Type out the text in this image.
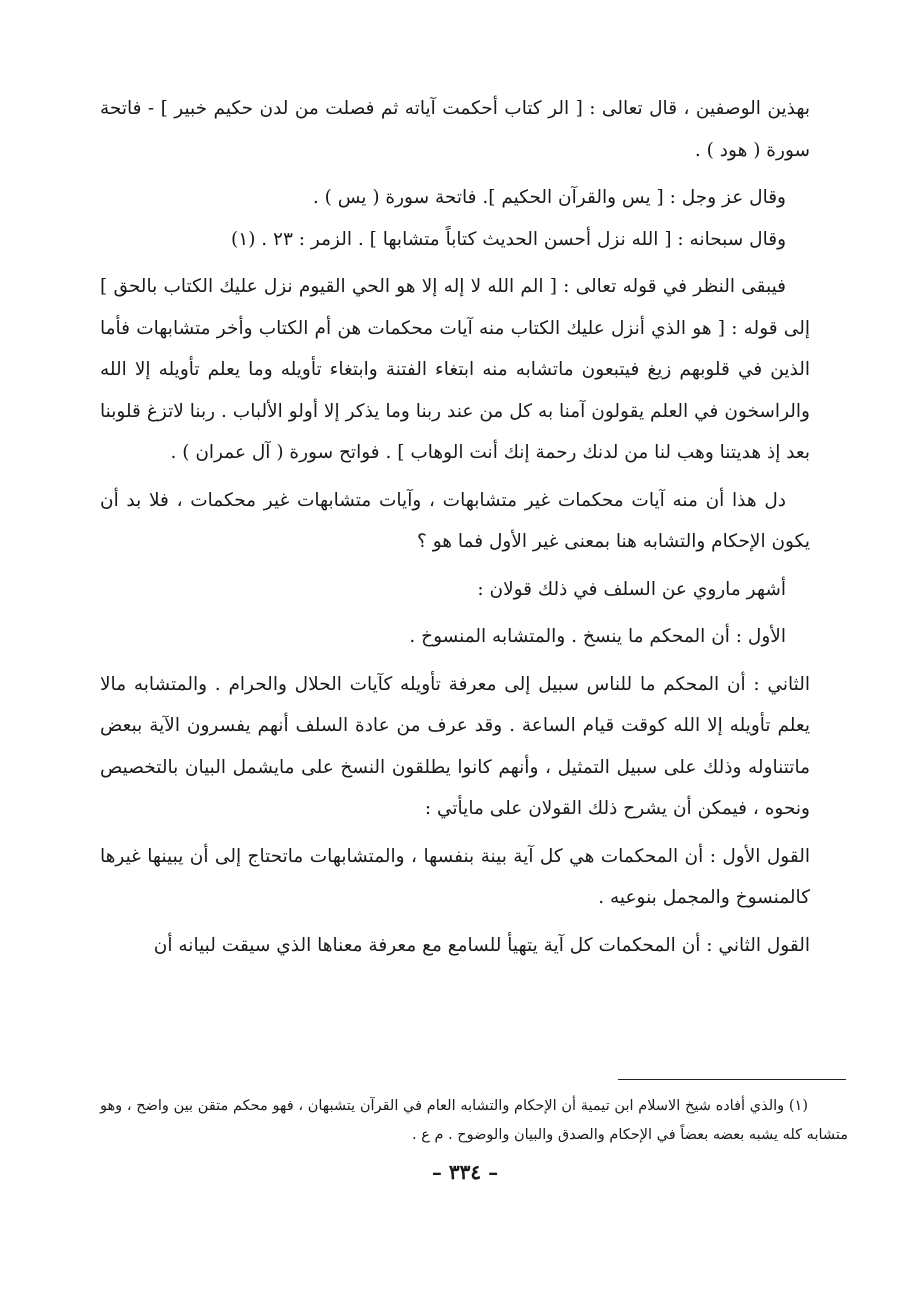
بهذين الوصفين ، قال تعالى : [ الر كتاب أحكمت آياته ثم فصلت من لدن حكيم خبير ] - فاتحة سورة ( هود ) .

وقال عز وجل : [ يس والقرآن الحكيم ]. فاتحة سورة ( يس ) .

وقال سبحانه : [ الله نزل أحسن الحديث كتاباً متشابها ] . الزمر : ٢٣ . (١)

فيبقى النظر في قوله تعالى : [ الم الله لا إله إلا هو الحي القيوم نزل عليك الكتاب بالحق ] إلى قوله : [ هو الذي أنزل عليك الكتاب منه آيات محكمات هن أم الكتاب وأخر متشابهات فأما الذين في قلوبهم زيغ فيتبعون ماتشابه منه ابتغاء الفتنة وابتغاء تأويله وما يعلم تأويله إلا الله والراسخون في العلم يقولون آمنا به كل من عند ربنا وما يذكر إلا أولو الألباب . ربنا لاتزغ قلوبنا بعد إذ هديتنا وهب لنا من لدنك رحمة إنك أنت الوهاب ] . فواتح سورة ( آل عمران ) .

دل هذا أن منه آيات محكمات غير متشابهات ، وآيات متشابهات غير محكمات ، فلا بد أن يكون الإحكام والتشابه هنا بمعنى غير الأول فما هو ؟

أشهر ماروي عن السلف في ذلك قولان :

الأول : أن المحكم ما ينسخ . والمتشابه المنسوخ .

الثاني : أن المحكم ما للناس سبيل إلى معرفة تأويله كآيات الحلال والحرام . والمتشابه مالا يعلم تأويله إلا الله كوقت قيام الساعة . وقد عرف من عادة السلف أنهم يفسرون الآية ببعض ماتتناوله وذلك على سبيل التمثيل ، وأنهم كانوا يطلقون النسخ على مايشمل البيان بالتخصيص ونحوه ، فيمكن أن يشرح ذلك القولان على مايأتي :

القول الأول : أن المحكمات هي كل آية بينة بنفسها ، والمتشابهات ماتحتاج إلى أن يبينها غيرها كالمنسوخ والمجمل بنوعيه .

القول الثاني : أن المحكمات كل آية يتهيأ للسامع مع معرفة معناها الذي سيقت لبيانه أن

(١) والذي أفاده شيخ الاسلام ابن تيمية أن الإحكام والتشابه العام في القرآن يتشبهان ، فهو محكم متقن بين واضح ، وهو متشابه كله يشبه بعضه بعضاً في الإحكام والصدق والبيان والوضوح . م ع .

– ٣٣٤ –
